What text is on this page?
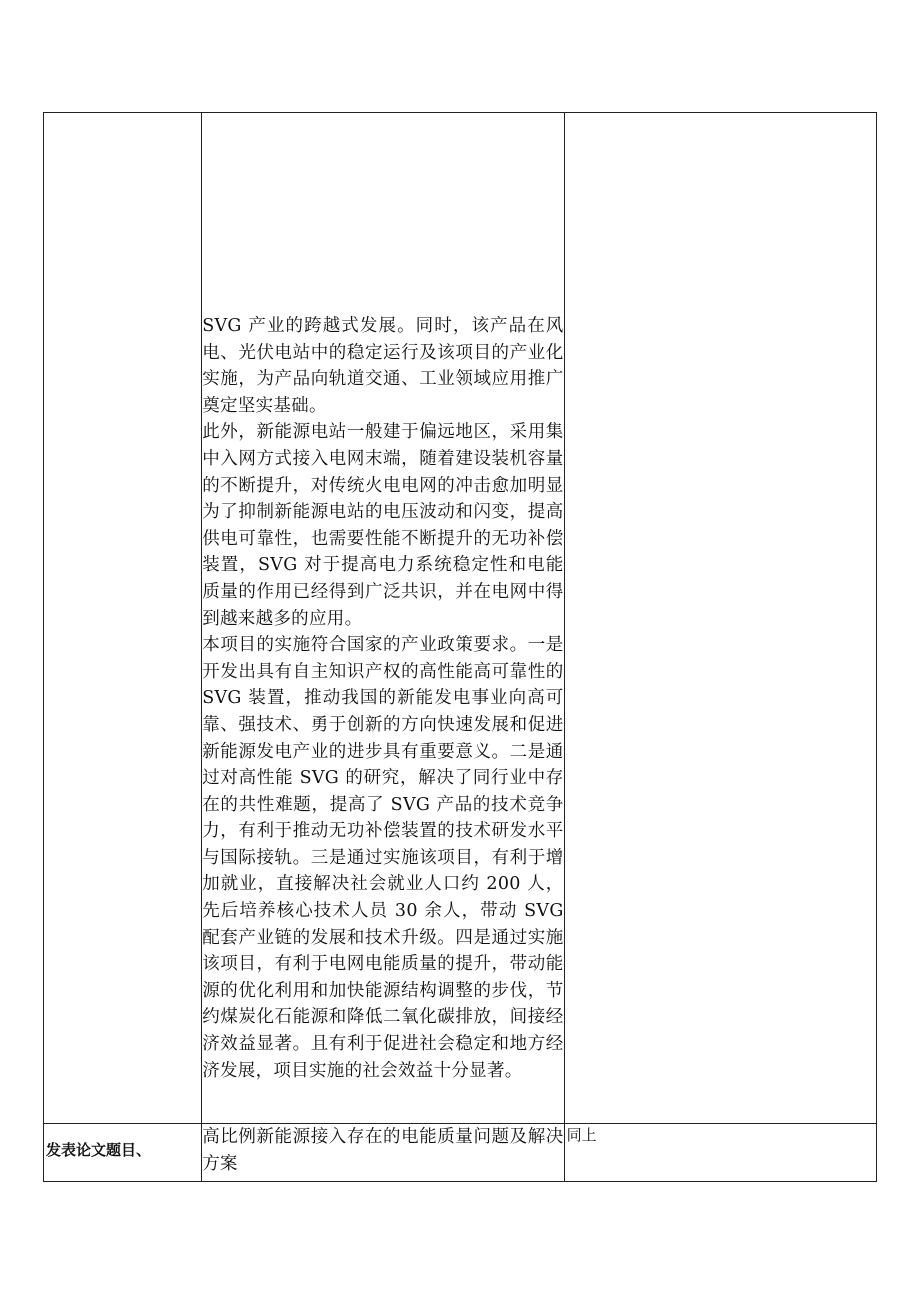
	SVG 产业的跨越式发展。同时，该产品在风电、光伏电站中的稳定运行及该项目的产业化实施，为产品向轨道交通、工业领域应用推广奠定坚实基础。

此外，新能源电站一般建于偏远地区，采用集中入网方式接入电网末端，随着建设装机容量的不断提升，对传统火电电网的冲击愈加明显为了抑制新能源电站的电压波动和闪变，提高供电可靠性，也需要性能不断提升的无功补偿装置，SVG 对于提高电力系统稳定性和电能质量的作用已经得到广泛共识，并在电网中得到越来越多的应用。

本项目的实施符合国家的产业政策要求。一是开发出具有自主知识产权的高性能高可靠性的 SVG 装置，推动我国的新能发电事业向高可靠、强技术、勇于创新的方向快速发展和促进新能源发电产业的进步具有重要意义。二是通过对高性能 SVG 的研究，解决了同行业中存在的共性难题，提高了 SVG 产品的技术竞争力，有利于推动无功补偿装置的技术研发水平与国际接轨。三是通过实施该项目，有利于增加就业，直接解决社会就业人口约 200 人，先后培养核心技术人员 30 余人，带动 SVG 配套产业链的发展和技术升级。四是通过实施该项目，有利于电网电能质量的提升，带动能源的优化利用和加快能源结构调整的步伐，节约煤炭化石能源和降低二氧化碳排放，间接经济效益显著。且有利于促进社会稳定和地方经济发展，项目实施的社会效益十分显著。	

发表论文题目、	高比例新能源接入存在的电能质量问题及解决方案	同上
